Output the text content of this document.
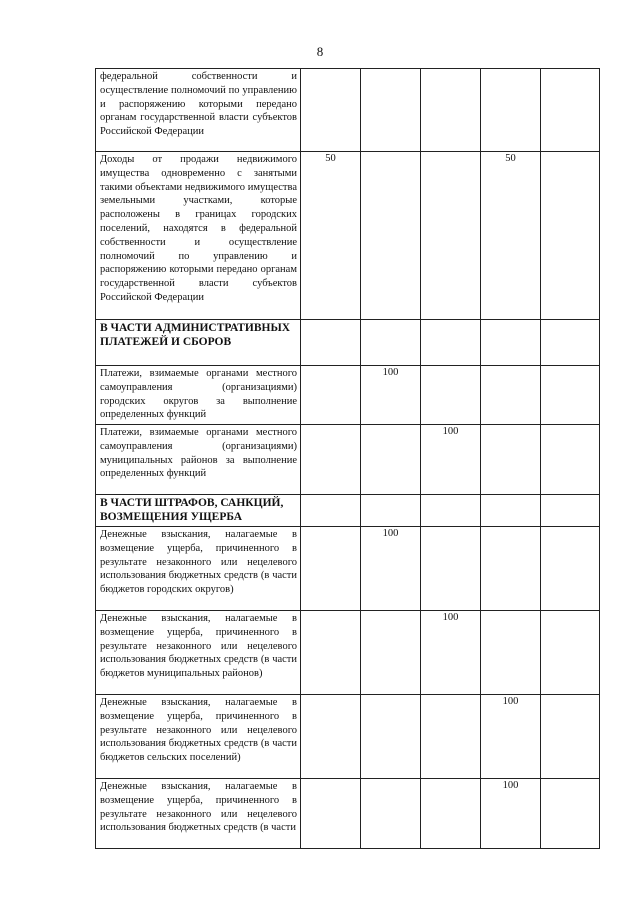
8
федеральной собственности и осуществление полномочий по управлению и распоряжению которыми передано органам государственной власти субъектов Российской Федерации					

Доходы от продажи недвижимого имущества одновременно с занятыми такими объектами недвижимого имущества земельными участками, которые расположены в границах городских поселений, находятся в федеральной собственности и осуществление полномочий по управлению и распоряжению которыми передано органам государственной власти субъектов Российской Федерации	50			50	

В ЧАСТИ АДМИНИСТРАТИВНЫХ ПЛАТЕЖЕЙ И СБОРОВ					

Платежи, взимаемые органами местного самоуправления (организациями) городских округов за выполнение определенных функций		100			

Платежи, взимаемые органами местного самоуправления (организациями) муниципальных районов за выполнение определенных функций			100		

В ЧАСТИ ШТРАФОВ, САНКЦИЙ, ВОЗМЕЩЕНИЯ УЩЕРБА					

Денежные взыскания, налагаемые в возмещение ущерба, причиненного в результате незаконного или нецелевого использования бюджетных средств (в части бюджетов городских округов)		100			

Денежные взыскания, налагаемые в возмещение ущерба, причиненного в результате незаконного или нецелевого использования бюджетных средств (в части бюджетов муниципальных районов)			100		

Денежные взыскания, налагаемые в возмещение ущерба, причиненного в результате незаконного или нецелевого использования бюджетных средств (в части бюджетов сельских поселений)				100	

Денежные взыскания, налагаемые в возмещение ущерба, причиненного в результате незаконного или нецелевого использования бюджетных средств (в части				100	
